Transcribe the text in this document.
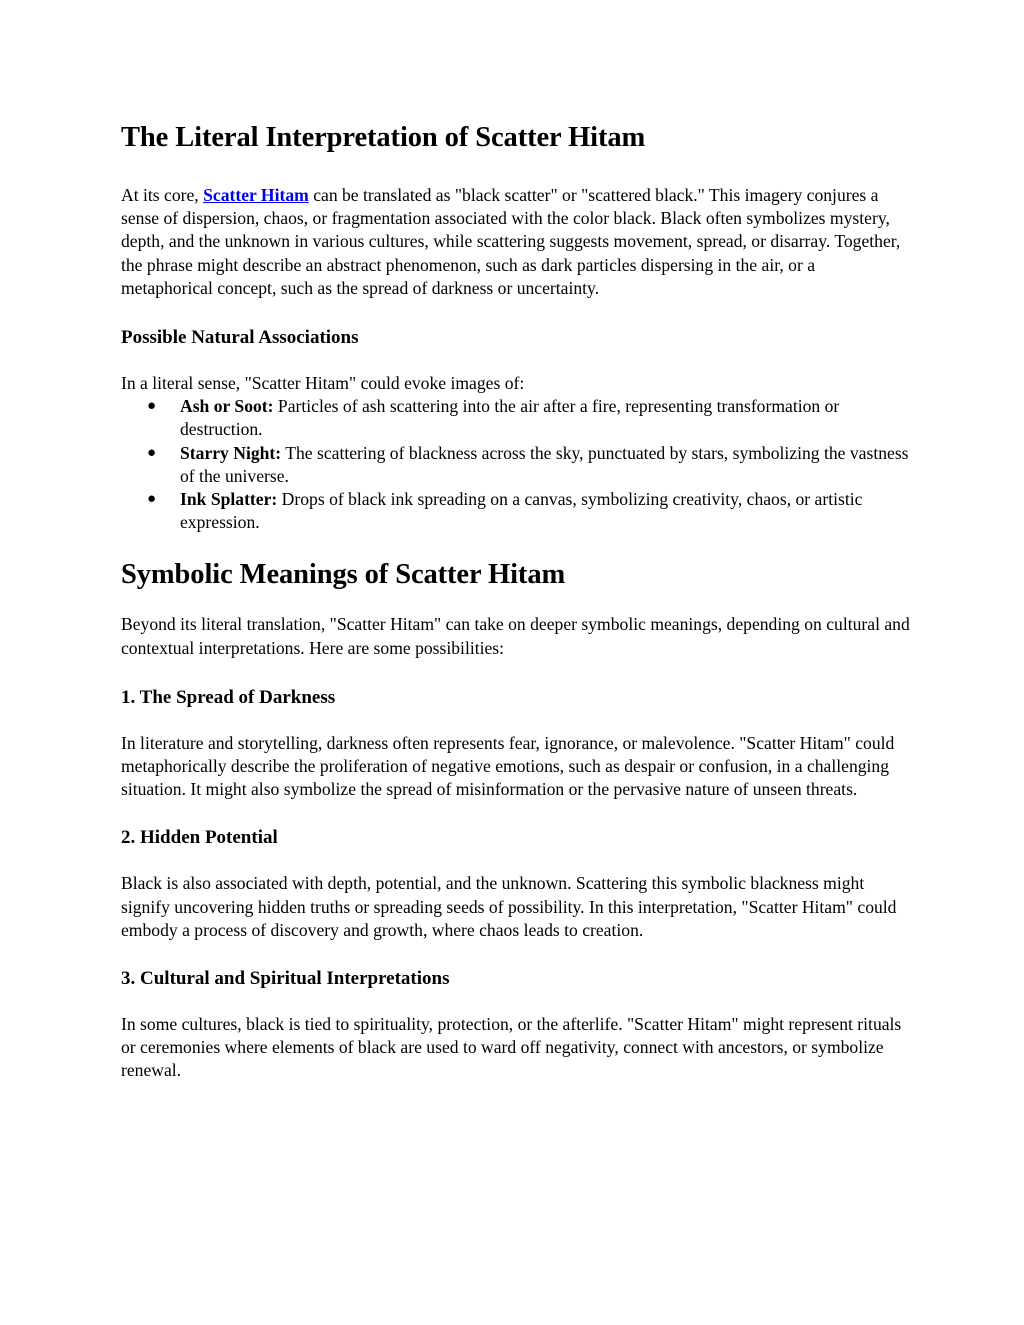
The Literal Interpretation of Scatter Hitam

At its core, Scatter Hitam can be translated as "black scatter" or "scattered black." This imagery conjures a sense of dispersion, chaos, or fragmentation associated with the color black. Black often symbolizes mystery, depth, and the unknown in various cultures, while scattering suggests movement, spread, or disarray. Together, the phrase might describe an abstract phenomenon, such as dark particles dispersing in the air, or a metaphorical concept, such as the spread of darkness or uncertainty.

Possible Natural Associations

In a literal sense, "Scatter Hitam" could evoke images of:

● Ash or Soot: Particles of ash scattering into the air after a fire, representing transformation or destruction.
● Starry Night: The scattering of blackness across the sky, punctuated by stars, symbolizing the vastness of the universe.
● Ink Splatter: Drops of black ink spreading on a canvas, symbolizing creativity, chaos, or artistic expression.
Symbolic Meanings of Scatter Hitam

Beyond its literal translation, "Scatter Hitam" can take on deeper symbolic meanings, depending on cultural and contextual interpretations. Here are some possibilities:

1. The Spread of Darkness

In literature and storytelling, darkness often represents fear, ignorance, or malevolence. "Scatter Hitam" could metaphorically describe the proliferation of negative emotions, such as despair or confusion, in a challenging situation. It might also symbolize the spread of misinformation or the pervasive nature of unseen threats.

2. Hidden Potential

Black is also associated with depth, potential, and the unknown. Scattering this symbolic blackness might signify uncovering hidden truths or spreading seeds of possibility. In this interpretation, "Scatter Hitam" could embody a process of discovery and growth, where chaos leads to creation.

3. Cultural and Spiritual Interpretations

In some cultures, black is tied to spirituality, protection, or the afterlife. "Scatter Hitam" might represent rituals or ceremonies where elements of black are used to ward off negativity, connect with ancestors, or symbolize renewal.
